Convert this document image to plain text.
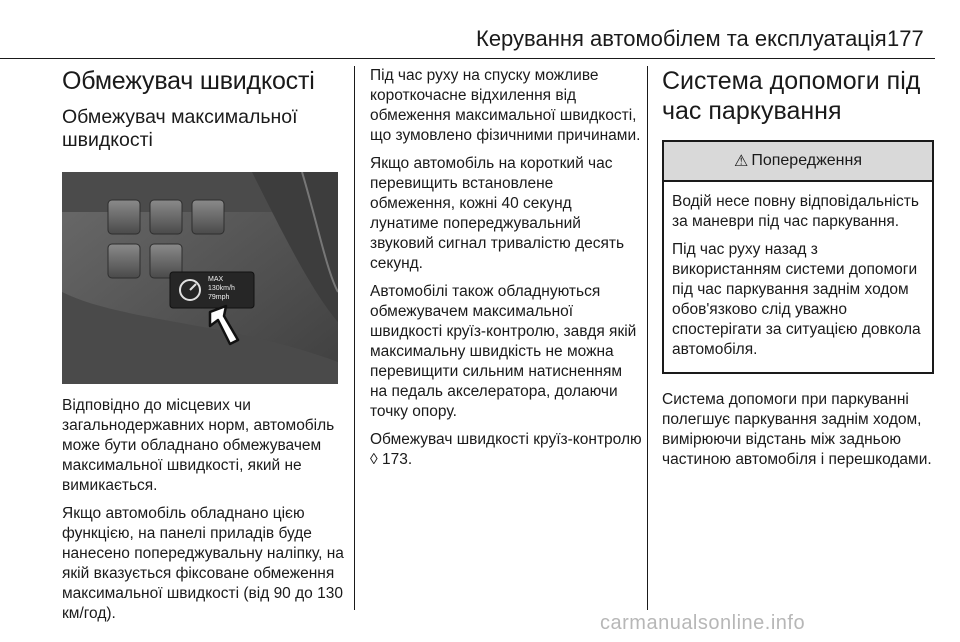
Керування автомобілем та експлуатація 177
Обмежувач швидкості
Обмежувач максимальної швидкості
MAX
130km/h
79mph

Відповідно до місцевих чи загальнодержавних норм, автомобіль може бути обладнано обмежувачем максимальної швидкості, який не вимикається.

Якщо автомобіль обладнано цією функцією, на панелі приладів буде нанесено попереджувальну наліпку, на якій вказується фіксоване обмеження максимальної швидкості (від 90 до 130 км/год).

Під час руху на спуску можливе короткочасне відхилення від обмеження максимальної швидкості, що зумовлено фізичними причинами.

Якщо автомобіль на короткий час перевищить встановлене обмеження, кожні 40 секунд лунатиме попереджувальний звуковий сигнал тривалістю десять секунд.

Автомобілі також обладнуються обмежувачем максимальної швидкості круїз-контролю, завдя якій максимальну швидкість не можна перевищити сильним натисненням на педаль акселератора, долаючи точку опору.

Обмежувач швидкості круїз-контролю ◊ 173.

Система допомоги під час паркування
⚠ Попередження

Водій несе повну відповідальність за маневри під час паркування.

Під час руху назад з використанням системи допомоги під час паркування заднім ходом обов'язково слід уважно спостерігати за ситуацією довкола автомобіля.

Система допомоги при паркуванні полегшує паркування заднім ходом, вимірюючи відстань між задньою частиною автомобіля і перешкодами.

carmanualsonline.info
